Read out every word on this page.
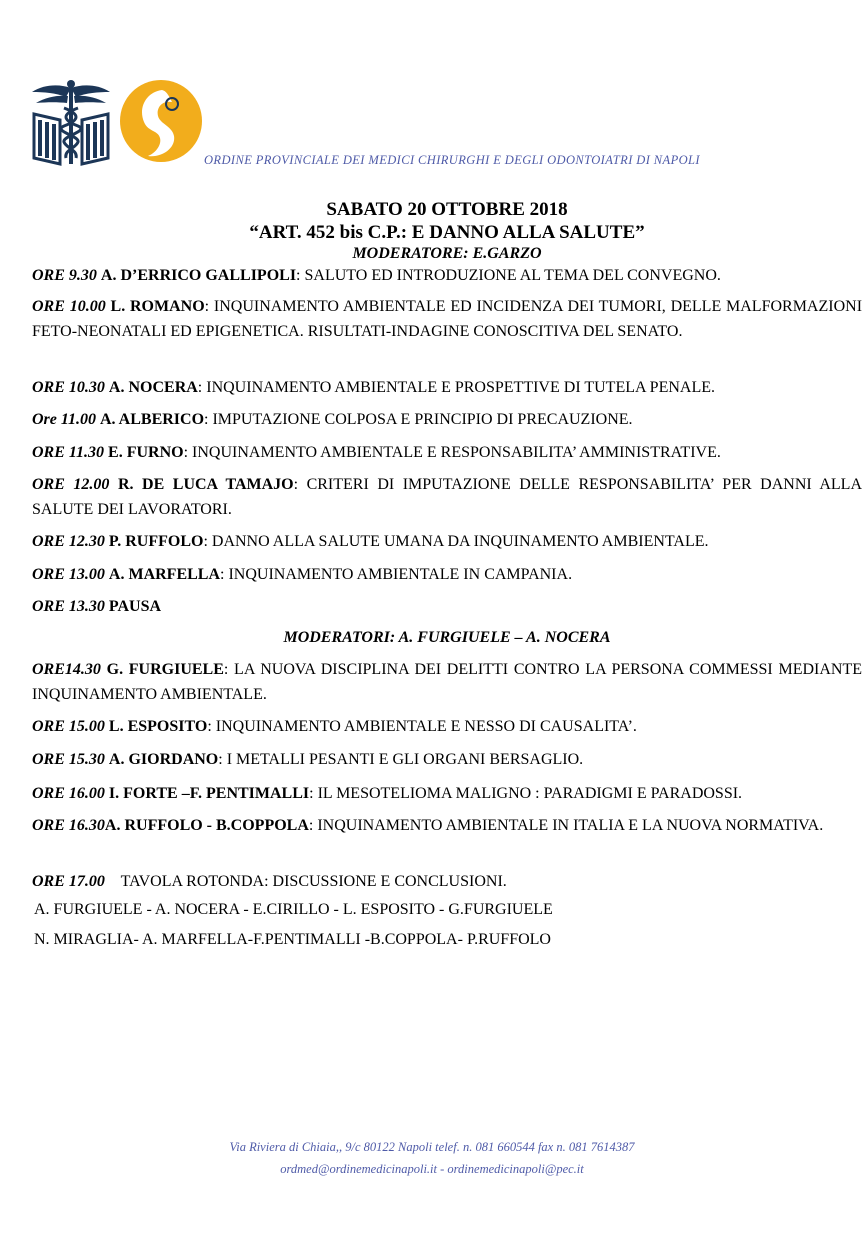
ORDINE PROVINCIALE DEI MEDICI CHIRURGHI E DEGLI ODONTOIATRI DI NAPOLI
SABATO 20 OTTOBRE 2018
“ART. 452 bis C.P.: E DANNO ALLA SALUTE”
MODERATORE: E.GARZO
MODERATORI: A. FURGIUELE – A. NOCERA
ORE 9.30 A. D’ERRICO GALLIPOLI: SALUTO ED INTRODUZIONE AL TEMA DEL CONVEGNO.
ORE 10.00 L. ROMANO: INQUINAMENTO AMBIENTALE ED INCIDENZA DEI TUMORI, DELLE MALFORMAZIONI FETO-NEONATALI ED EPIGENETICA. RISULTATI-INDAGINE CONOSCITIVA DEL SENATO.
ORE 10.30 A. NOCERA: INQUINAMENTO AMBIENTALE E PROSPETTIVE DI TUTELA PENALE.
Ore 11.00 A. ALBERICO: IMPUTAZIONE COLPOSA E PRINCIPIO DI PRECAUZIONE.
ORE 11.30 E. FURNO: INQUINAMENTO AMBIENTALE E RESPONSABILITA’ AMMINISTRATIVE.
ORE 12.00 R. DE LUCA TAMAJO: CRITERI DI IMPUTAZIONE DELLE RESPONSABILITA’ PER DANNI ALLA SALUTE DEI LAVORATORI.
ORE 12.30 P. RUFFOLO: DANNO ALLA SALUTE UMANA DA INQUINAMENTO AMBIENTALE.
ORE 13.00 A. MARFELLA: INQUINAMENTO AMBIENTALE IN CAMPANIA.
ORE 13.30 PAUSA
ORE14.30 G. FURGIUELE: LA NUOVA DISCIPLINA DEI DELITTI CONTRO LA PERSONA COMMESSI MEDIANTE INQUINAMENTO AMBIENTALE.
ORE 15.00 L. ESPOSITO: INQUINAMENTO AMBIENTALE E NESSO DI CAUSALITA’.
ORE 15.30 A. GIORDANO: I METALLI PESANTI E GLI ORGANI BERSAGLIO.
ORE 16.00 I. FORTE –F. PENTIMALLI: IL MESOTELIOMA MALIGNO : PARADIGMI E PARADOSSI.
ORE 16.30A. RUFFOLO - B.COPPOLA: INQUINAMENTO AMBIENTALE IN ITALIA E LA NUOVA NORMATIVA.
ORE 17.00    TAVOLA ROTONDA: DISCUSSIONE E CONCLUSIONI.
A. FURGIUELE - A. NOCERA - E.CIRILLO - L. ESPOSITO - G.FURGIUELE
N. MIRAGLIA- A. MARFELLA-F.PENTIMALLI -B.COPPOLA- P.RUFFOLO
Via Riviera di Chiaia,, 9/c 80122 Napoli telef. n. 081 660544 fax n. 081 7614387
ordmed@ordinemedicinapoli.it - ordinemedicinapoli@pec.it
